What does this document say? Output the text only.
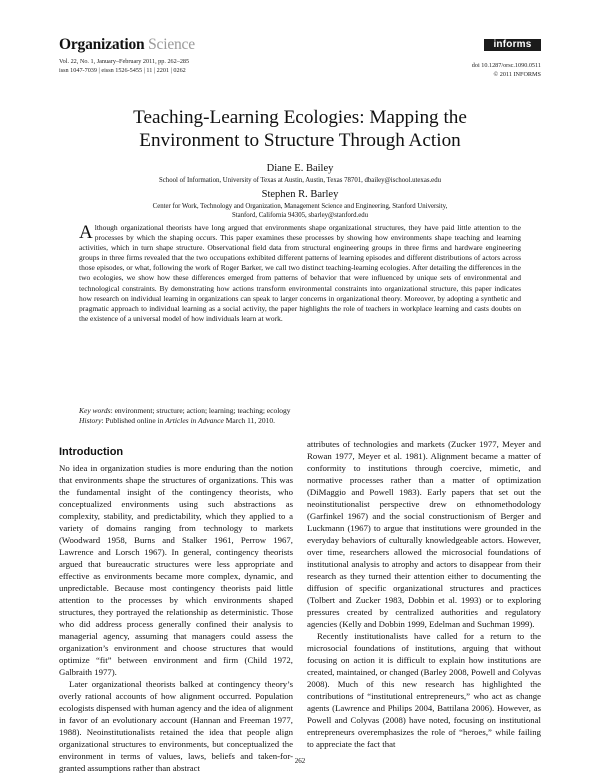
Organization Science
Vol. 22, No. 1, January–February 2011, pp. 262–285
issn 1047-7039 | eissn 1526-5455 | 11 | 2201 | 0262
informs
doi 10.1287/orsc.1090.0511
© 2011 INFORMS
Teaching-Learning Ecologies: Mapping the
Environment to Structure Through Action
Diane E. Bailey
School of Information, University of Texas at Austin, Austin, Texas 78701, dbailey@ischool.utexas.edu
Stephen R. Barley
Center for Work, Technology and Organization, Management Science and Engineering, Stanford University,
Stanford, California 94305, sbarley@stanford.edu
Although organizational theorists have long argued that environments shape organizational structures, they have paid little attention to the processes by which the shaping occurs. This paper examines these processes by showing how environments shape teaching and learning activities, which in turn shape structure. Observational field data from structural engineering groups in three firms and hardware engineering groups in three firms revealed that the two occupations exhibited different patterns of learning episodes and different distributions of actors across those episodes, or what, following the work of Roger Barker, we call two distinct teaching-learning ecologies. After detailing the differences in the two ecologies, we show how these differences emerged from patterns of behavior that were influenced by unique sets of environmental and technological constraints. By demonstrating how actions transform environmental constraints into organizational structure, this paper indicates how research on individual learning in organizations can speak to larger concerns in organizational theory. Moreover, by adopting a synthetic and pragmatic approach to individual learning as a social activity, the paper highlights the role of teachers in workplace learning and casts doubts on the existence of a universal model of how individuals learn at work.
Key words: environment; structure; action; learning; teaching; ecology
History: Published online in Articles in Advance March 11, 2010.
Introduction

No idea in organization studies is more enduring than the notion that environments shape the structures of organizations. This was the fundamental insight of the contingency theorists, who conceptualized environments using such abstractions as complexity, stability, and predictability, which they applied to a variety of domains ranging from technology to markets (Woodward 1958, Burns and Stalker 1961, Perrow 1967, Lawrence and Lorsch 1967). In general, contingency theorists argued that bureaucratic structures were less appropriate and effective as environments became more complex, dynamic, and unpredictable. Because most contingency theorists paid little attention to the processes by which environments shaped structures, they portrayed the relationship as deterministic. Those who did address process generally confined their analysis to managerial agency, assuming that managers could assess the organization’s environment and choose structures that would optimize “fit” between environment and firm (Child 1972, Galbraith 1977).

Later organizational theorists balked at contingency theory’s overly rational accounts of how alignment occurred. Population ecologists dispensed with human agency and the idea of alignment in favor of an evolutionary account (Hannan and Freeman 1977, 1988). Neoinstitutionalists retained the idea that people align organizational structures to environments, but conceptualized the environment in terms of values, laws, beliefs and taken-for-granted assumptions rather than abstract

attributes of technologies and markets (Zucker 1977, Meyer and Rowan 1977, Meyer et al. 1981). Alignment became a matter of conformity to institutions through coercive, mimetic, and normative processes rather than a matter of optimization (DiMaggio and Powell 1983). Early papers that set out the neoinstitutionalist perspective drew on ethnomethodology (Garfinkel 1967) and the social constructionism of Berger and Luckmann (1967) to argue that institutions were grounded in the everyday behaviors of culturally knowledgeable actors. However, over time, researchers allowed the microsocial foundations of institutional analysis to atrophy and actors to disappear from their research as they turned their attention either to documenting the diffusion of specific organizational structures and practices (Tolbert and Zucker 1983, Dobbin et al. 1993) or to exploring pressures created by centralized authorities and regulatory agencies (Kelly and Dobbin 1999, Edelman and Suchman 1999).

Recently institutionalists have called for a return to the microsocial foundations of institutions, arguing that without focusing on action it is difficult to explain how institutions are created, maintained, or changed (Barley 2008, Powell and Colyvas 2008). Much of this new research has highlighted the contributions of “institutional entrepreneurs,” who act as change agents (Lawrence and Philips 2004, Battilana 2006). However, as Powell and Colyvas (2008) have noted, focusing on institutional entrepreneurs overemphasizes the role of “heroes,” while failing to appreciate the fact that

262
